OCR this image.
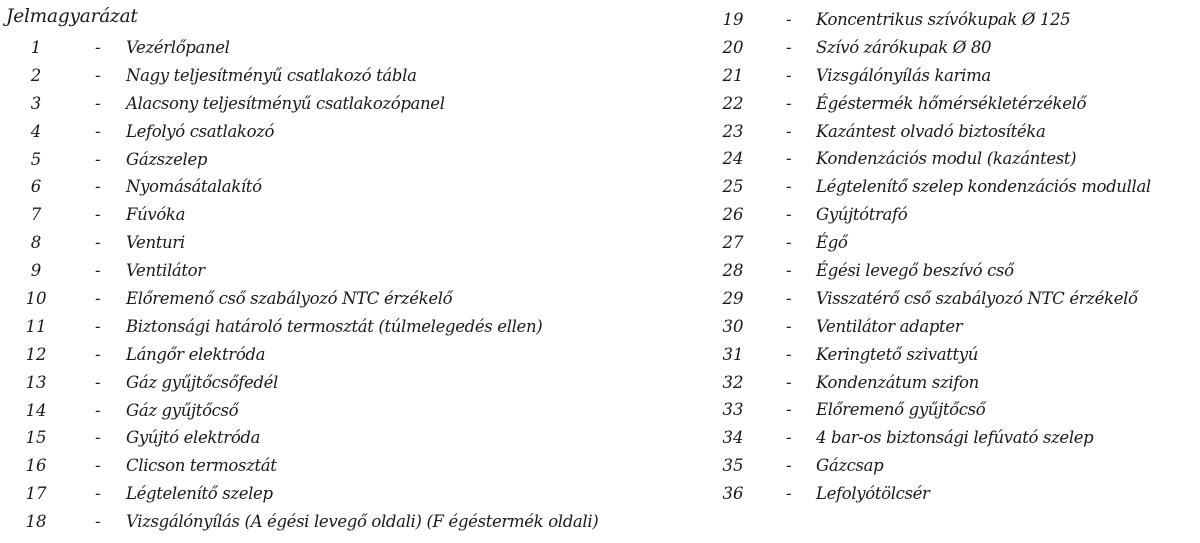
Jelmagyarázat
1	- Vezérlőpanel
2	- Nagy teljesítményű csatlakozó tábla
3	- Alacsony teljesítményű csatlakozópanel
4	- Lefolyó csatlakozó
5	- Gázszelep
6	- Nyomásátalakító
7	- Fúvóka
8	- Venturi
9	- Ventilátor
10	- Előremenő cső szabályozó NTC érzékelő
11	- Biztonsági határoló termosztát (túlmelegedés ellen)
12	- Lángőr elektróda
13	- Gáz gyűjtőcsőfedél
14	- Gáz gyűjtőcső
15	- Gyújtó elektróda
16	- Clicson termosztát
17	- Légtelenítő szelep
18	- Vizsgálónyílás (A égési levegő oldali) (F égéstermék oldali)
19	- Koncentrikus szívókupak Ø 125
20	- Szívó zárókupak Ø 80
21	- Vizsgálónyílás karima
22	- Égéstermék hőmérsékletérzékelő
23	- Kazántest olvadó biztosítéka
24	- Kondenzációs modul (kazántest)
25	- Légtelenítő szelep kondenzációs modullal
26	- Gyújtótrafó
27	- Égő
28	- Égési levegő beszívó cső
29	- Visszatérő cső szabályozó NTC érzékelő
30	- Ventilátor adapter
31	- Keringtető szivattyú
32	- Kondenzátum szifon
33	- Előremenő gyűjtőcső
34	- 4 bar-os biztonsági lefúvató szelep
35	- Gázcsap
36	- Lefolyótölcsér
